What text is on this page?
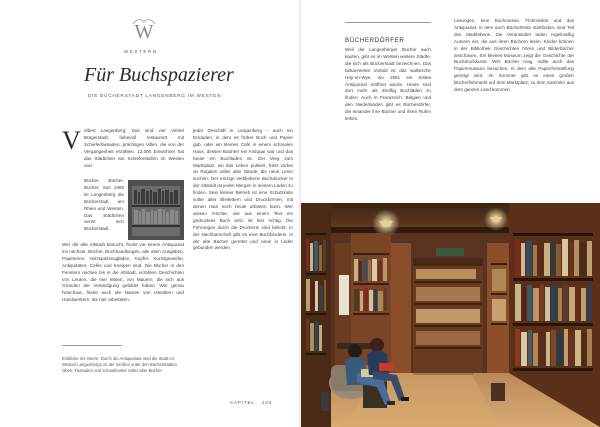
W
WESTERN
Für Buchspazierer
DIE BÜCHERSTADT LANGENBERG IM WESTEN
V elbert Langenberg: Das sind vier Viertel Bürgerstadt, liebevoll restauriert mit Schieferfassaden, prächtigen Villen, die von der Vergangenheit erzählen. 13.000 Einwohner hat das Städtchen am Schieferstollen im Westen und

Bücher, Bücher, Bücher. Seit 1995 ist Langenberg die Bücherstadt am Rhein und Westen. Das Städtchen nennt sich Bücherstadt.

Wer die alte Altstadt besucht, findet vor einem Antiquariat ins nächste, Bücher, Buchhandlungen, alle alten Ausgaben, Papeterien, Holzspielzeugläden, Kupfer. Kunstgewerbe, Antiquitäten, Cafés und Kneipen sind. Die Bücher in den Fenstern reichen bis in die Altstadt, erzählen Geschichten von Leuten, die hier lebten, von Mauern, die sich aus Gründen der Verteidigung gebildet haben. Wer genau hinschaut, findet auch die Namen von Händlern und Handwerkern, die hier arbeiteten.

jeder Geschäft in Langenberg – auch ein Eckladen, in dem es früher Buch und Papier gab, oder ein kleines Café in einem schmalen Haus, dessen Bauherr ein Antiquar war und das heute ein Buchladen ist. Der Weg zum Marktplatz, wo das Leben pulsiert, führt vorbei an Regalen voller alter Bände, die neue Leser suchen. Der einzige verbliebene Buchdrucker in der Altstadt ist jeden Morgen in seinem Laden zu finden. Sein kleiner Betrieb ist eine Schatzkiste voller alter Bleilettern und Druckformen, mit denen man noch heute arbeiten kann. Wer wissen möchte, wie aus einem Text ein gedrucktes Buch wird, ist hier richtig. Die Führungen durch die Druckerei sind beliebt. In der Nachbarschaft gibt es eine Buchbinderei, in der alte Bücher gerettet und neue in Leder gebunden werden.

Einblicke ins Innere: Durch die Antiquariate wird die Stadt im Westen Langenbergs zu der Großen unter den Bücherstädten. Oben: Fassaden und Schaufenster voller alter Bücher.
CAPITEL 103
BÜCHERDÖRFER

Weil die Langenberger Bücher auch kaufen, gibt es im Westen weitere Städte, die sich als Bücherstadt bezeichnen. Das bekannteste Vorbild ist das walisische Hay-on-Wye, wo 1961 ein erstes Antiquariat eröffnet wurde. Heute sind dort mehr als dreißig Buchläden zu finden. Auch in Frankreich, Belgien und den Niederlanden gibt es Bücherdörfer, die einander ihre Bücher und ihren Ruhm leihen.

Lesungen, eine Buchmesse, Flohmärkte und das Antiquariat, in dem auch Bücherfeste stattfinden, sind Teil des Stadtlebens. Die Veranstalter laden regelmäßig Autoren ein, die aus ihren Büchern lesen. Kinder können in der Bibliothek Geschichten hören und Bilderbücher anschauen. Ein kleines Museum zeigt die Geschichte der Buchdruckkunst. Wer Bücher mag, sollte auch das Papiermuseum besuchen, in dem alte Papierherstellung gezeigt wird. Im Sommer gibt es einen großen Bücherflohmarkt auf dem Marktplatz, zu dem Sammler aus dem ganzen Land kommen.
